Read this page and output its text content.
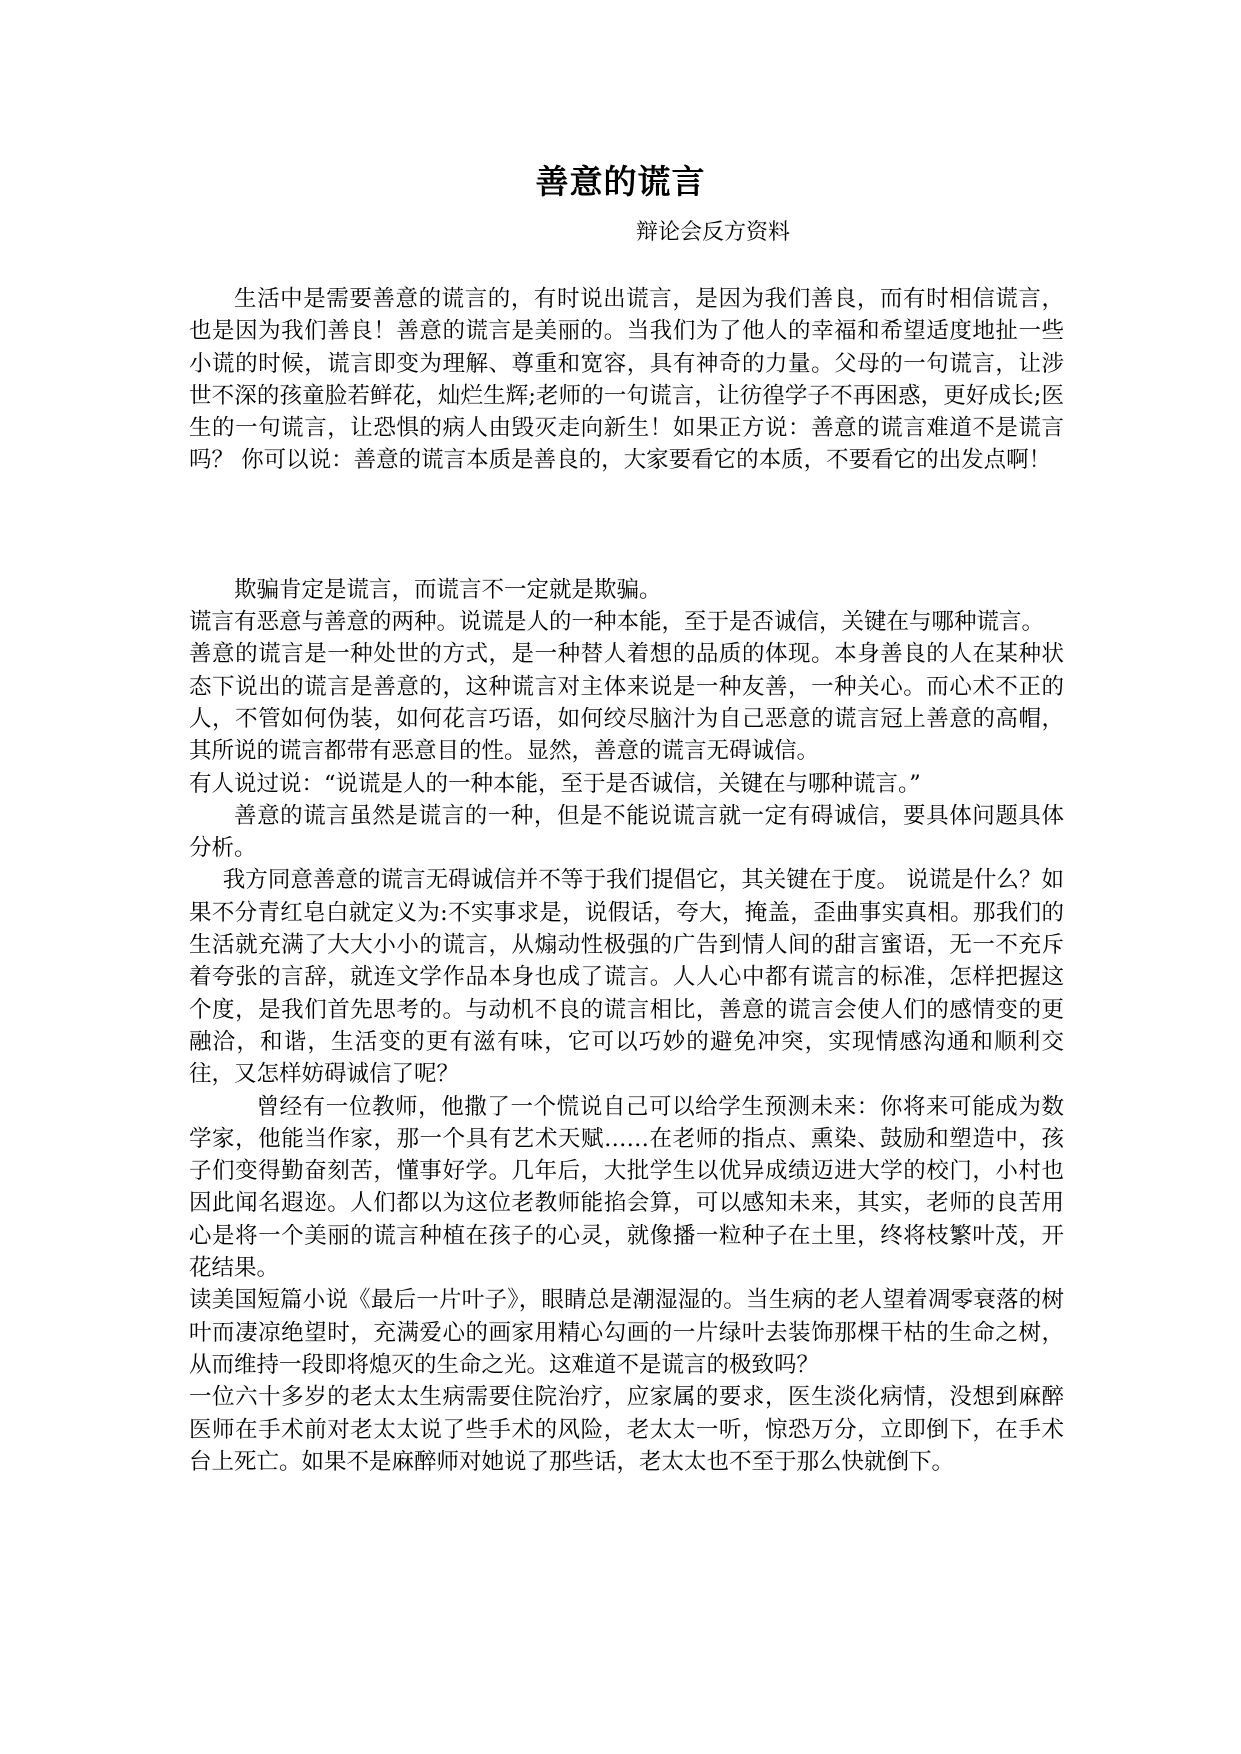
善意的谎言
辩论会反方资料

生活中是需要善意的谎言的，有时说出谎言，是因为我们善良，而有时相信谎言，也是因为我们善良！善意的谎言是美丽的。当我们为了他人的幸福和希望适度地扯一些小谎的时候，谎言即变为理解、尊重和宽容，具有神奇的力量。父母的一句谎言，让涉世不深的孩童脸若鲜花，灿烂生辉;老师的一句谎言，让彷徨学子不再困惑，更好成长;医生的一句谎言，让恐惧的病人由毁灭走向新生！如果正方说：善意的谎言难道不是谎言吗？ 你可以说：善意的谎言本质是善良的，大家要看它的本质，不要看它的出发点啊！

欺骗肯定是谎言，而谎言不一定就是欺骗。

谎言有恶意与善意的两种。说谎是人的一种本能，至于是否诚信，关键在与哪种谎言。

善意的谎言是一种处世的方式，是一种替人着想的品质的体现。本身善良的人在某种状态下说出的谎言是善意的，这种谎言对主体来说是一种友善，一种关心。而心术不正的人，不管如何伪装，如何花言巧语，如何绞尽脑汁为自己恶意的谎言冠上善意的高帽，其所说的谎言都带有恶意目的性。显然，善意的谎言无碍诚信。

有人说过说：“说谎是人的一种本能，至于是否诚信，关键在与哪种谎言。”

善意的谎言虽然是谎言的一种，但是不能说谎言就一定有碍诚信，要具体问题具体分析。

我方同意善意的谎言无碍诚信并不等于我们提倡它，其关键在于度。 说谎是什么？如果不分青红皂白就定义为:不实事求是，说假话，夸大，掩盖，歪曲事实真相。那我们的生活就充满了大大小小的谎言，从煽动性极强的广告到情人间的甜言蜜语，无一不充斥着夸张的言辞，就连文学作品本身也成了谎言。人人心中都有谎言的标准，怎样把握这个度，是我们首先思考的。与动机不良的谎言相比，善意的谎言会使人们的感情变的更融洽，和谐，生活变的更有滋有味，它可以巧妙的避免冲突，实现情感沟通和顺利交往，又怎样妨碍诚信了呢？

曾经有一位教师，他撒了一个慌说自己可以给学生预测未来：你将来可能成为数学家，他能当作家，那一个具有艺术天赋……在老师的指点、熏染、鼓励和塑造中，孩子们变得勤奋刻苦，懂事好学。几年后，大批学生以优异成绩迈进大学的校门，小村也因此闻名遐迩。人们都以为这位老教师能掐会算，可以感知未来，其实，老师的良苦用心是将一个美丽的谎言种植在孩子的心灵，就像播一粒种子在土里，终将枝繁叶茂，开花结果。

读美国短篇小说《最后一片叶子》，眼睛总是潮湿湿的。当生病的老人望着凋零衰落的树叶而凄凉绝望时，充满爱心的画家用精心勾画的一片绿叶去装饰那棵干枯的生命之树，从而维持一段即将熄灭的生命之光。这难道不是谎言的极致吗？

一位六十多岁的老太太生病需要住院治疗，应家属的要求，医生淡化病情，没想到麻醉医师在手术前对老太太说了些手术的风险，老太太一听，惊恐万分，立即倒下，在手术台上死亡。如果不是麻醉师对她说了那些话，老太太也不至于那么快就倒下。
